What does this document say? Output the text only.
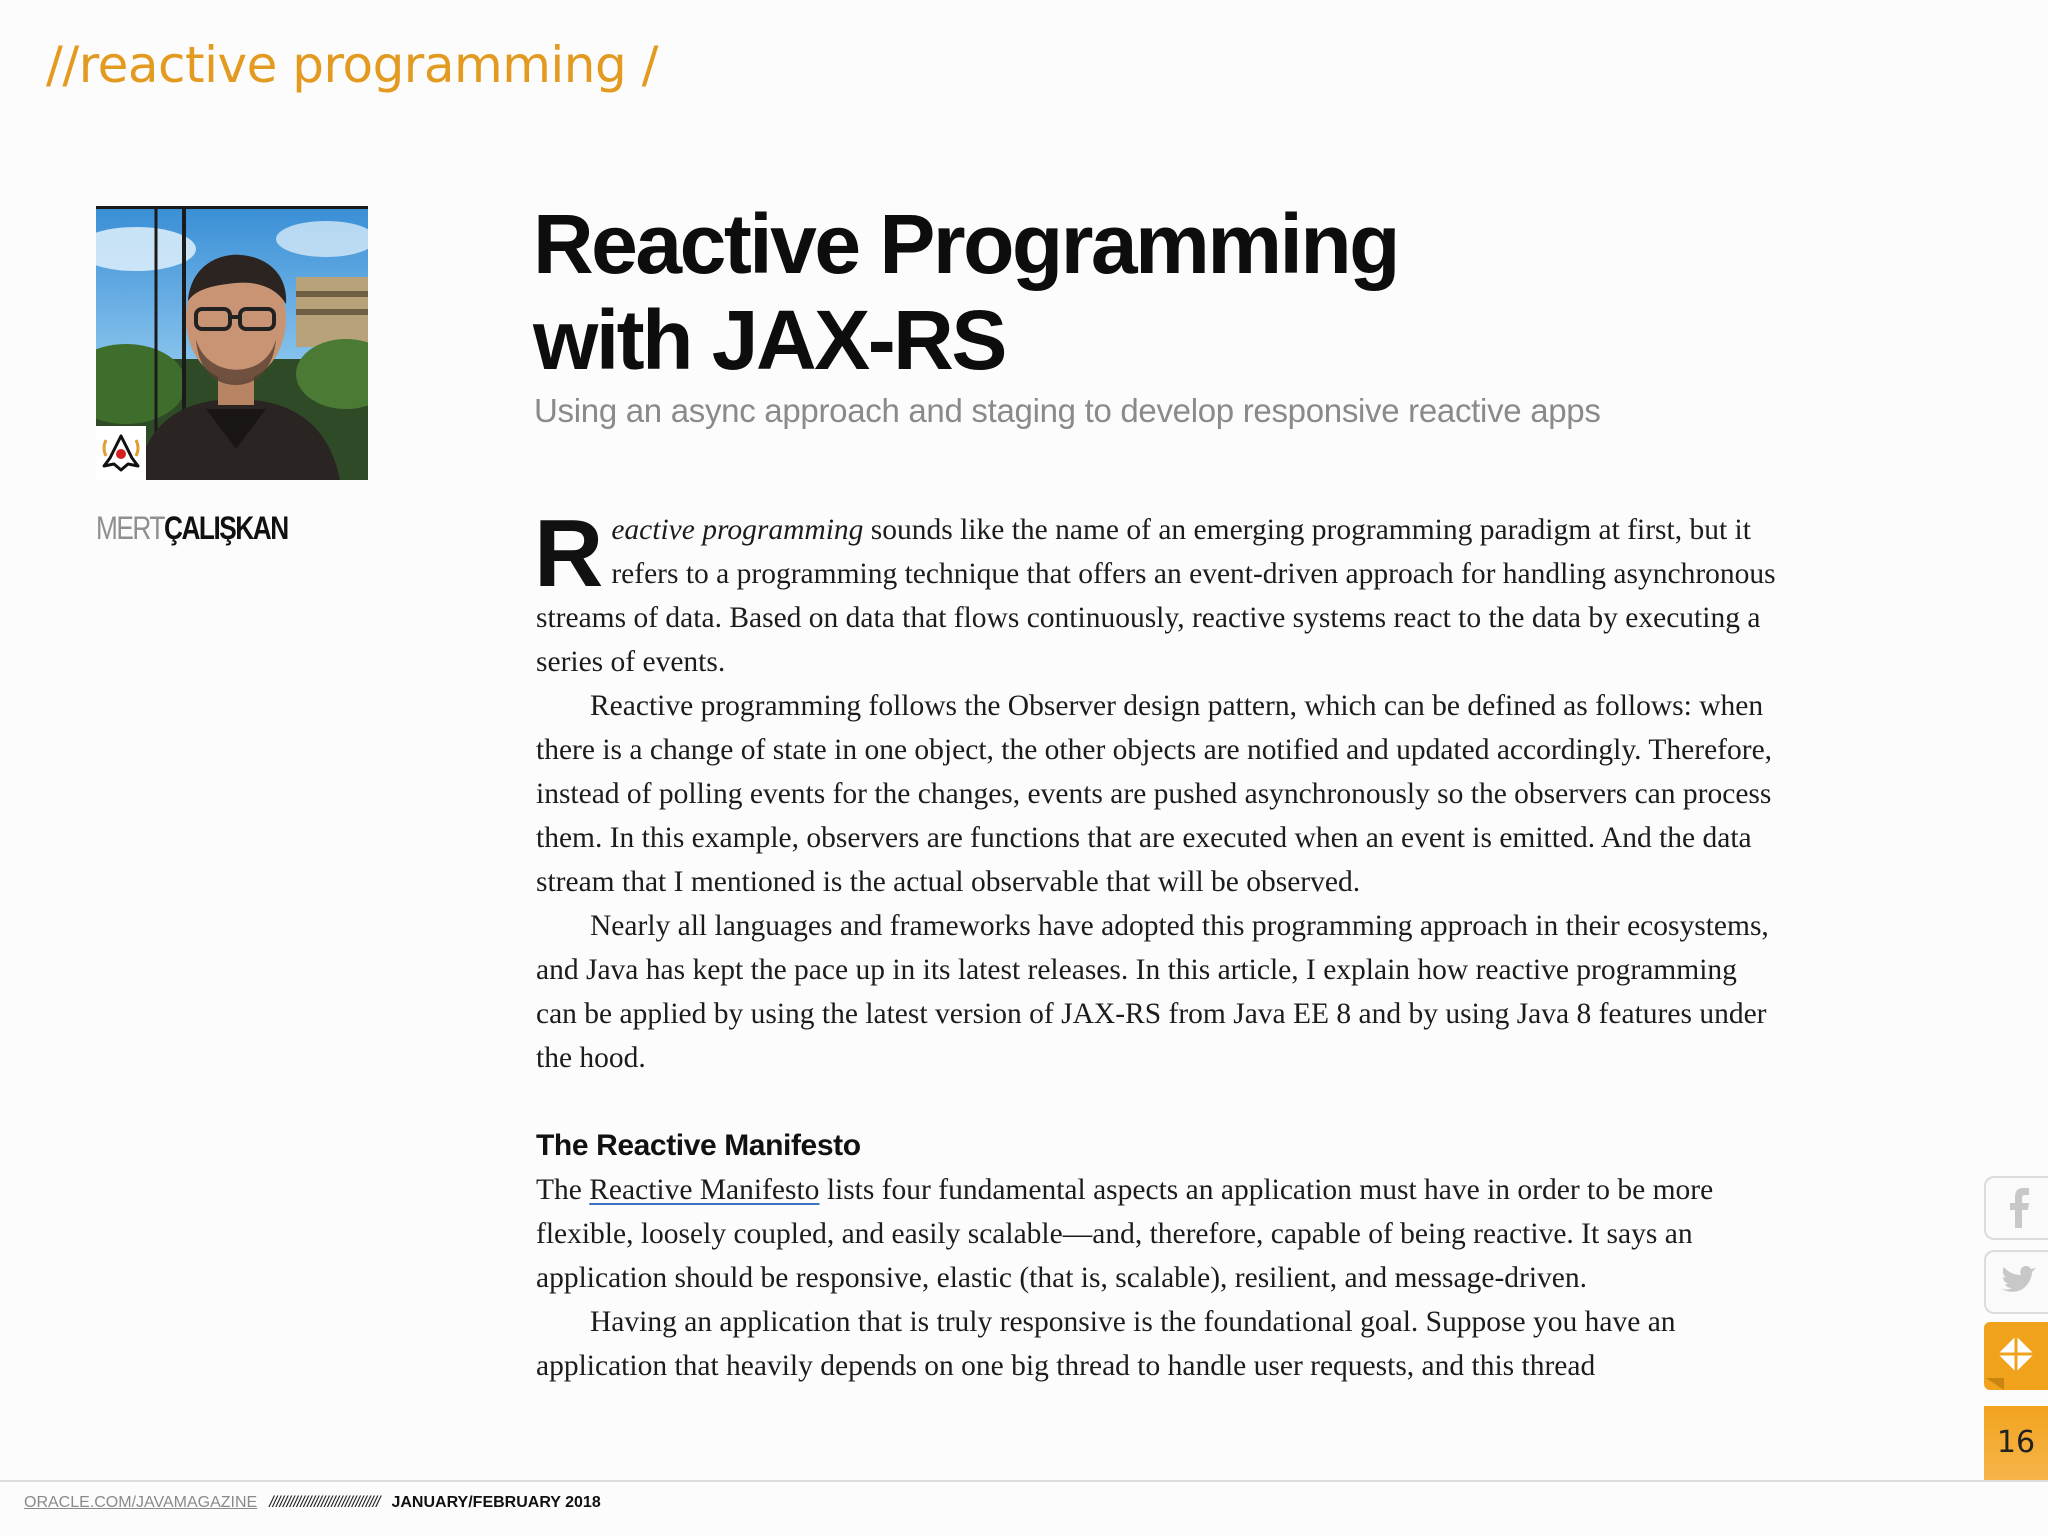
//reactive programming /
MERTÇALIŞKAN
Reactive Programming
with JAX-RS
Using an async approach and staging to develop responsive reactive apps

Reactive programming sounds like the name of an emerging programming paradigm at first, but it refers to a programming technique that offers an event-driven approach for handling asynchronous streams of data. Based on data that flows continuously, reactive systems react to the data by executing a series of events.

Reactive programming follows the Observer design pattern, which can be defined as follows: when there is a change of state in one object, the other objects are notified and updated accordingly. Therefore, instead of polling events for the changes, events are pushed asynchronously so the observers can process them. In this example, observers are functions that are executed when an event is emitted. And the data stream that I mentioned is the actual observable that will be observed.

Nearly all languages and frameworks have adopted this programming approach in their ecosystems, and Java has kept the pace up in its latest releases. In this article, I explain how reactive programming can be applied by using the latest version of JAX-RS from Java EE 8 and by using Java 8 features under the hood.

The Reactive Manifesto

The Reactive Manifesto lists four fundamental aspects an application must have in order to be more flexible, loosely coupled, and easily scalable—and, therefore, capable of being reactive. It says an application should be responsive, elastic (that is, scalable), resilient, and message-driven.

Having an application that is truly responsive is the foundational goal. Suppose you have an application that heavily depends on one big thread to handle user requests, and this thread

16
ORACLE.COM/JAVAMAGAZINE //////////////////////////////// JANUARY/FEBRUARY 2018
